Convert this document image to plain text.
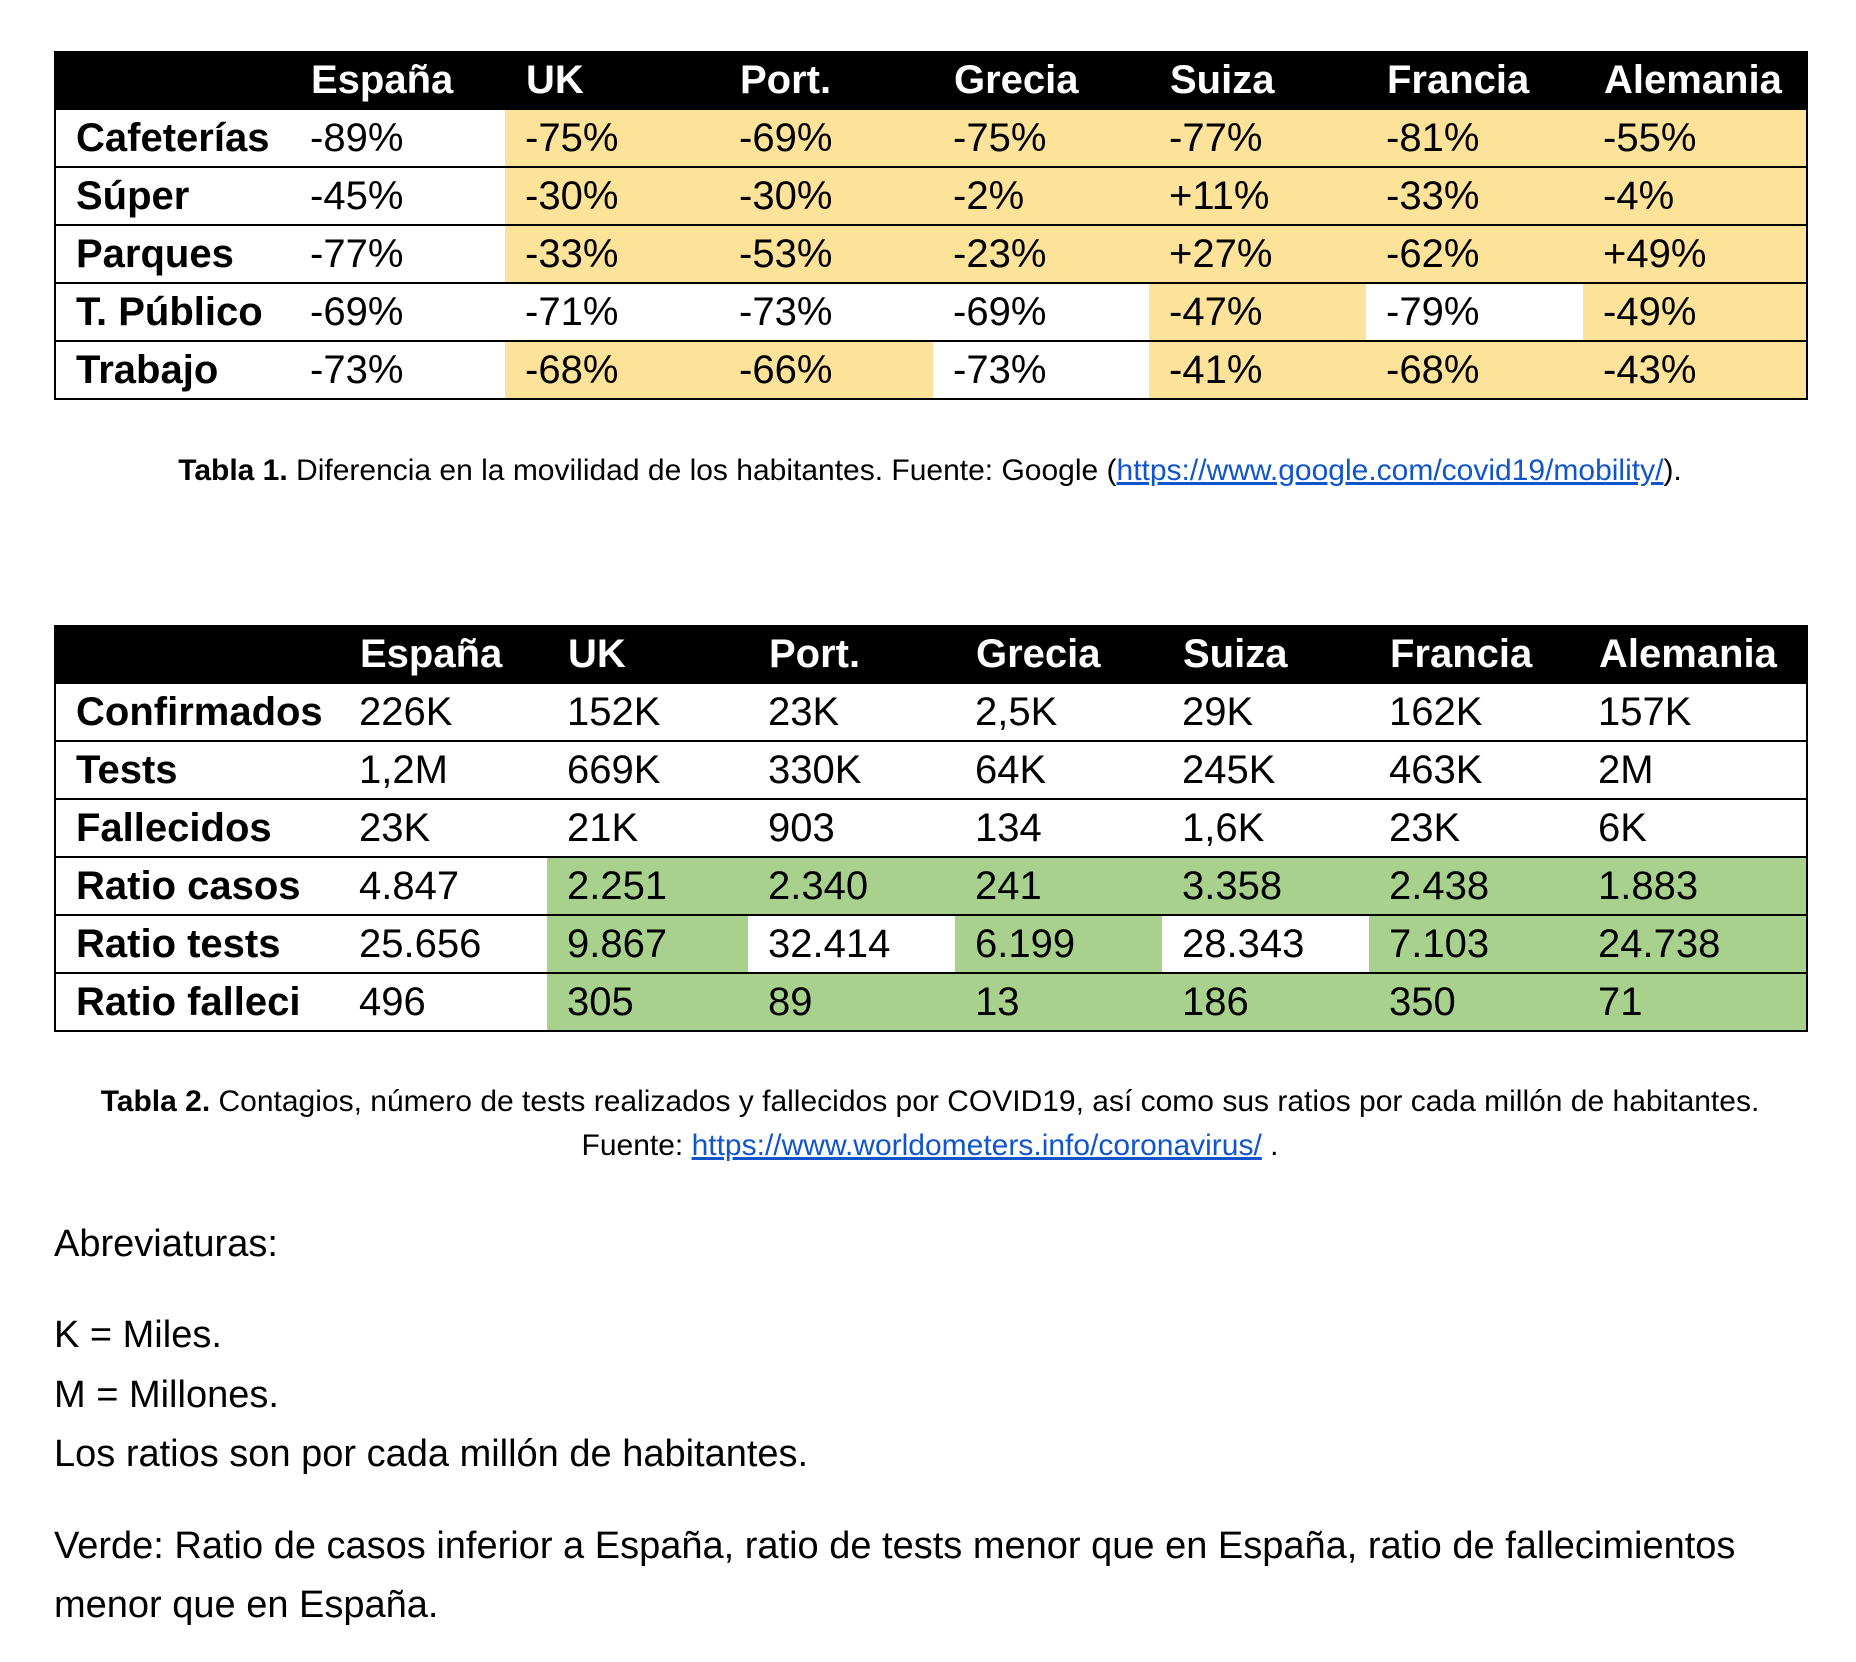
	España	UK	Port.	Grecia	Suiza	Francia	Alemania
Cafeterías	-89%	-75%	-69%	-75%	-77%	-81%	-55%
Súper	-45%	-30%	-30%	-2%	+11%	-33%	-4%
Parques	-77%	-33%	-53%	-23%	+27%	-62%	+49%
T. Público	-69%	-71%	-73%	-69%	-47%	-79%	-49%
Trabajo	-73%	-68%	-66%	-73%	-41%	-68%	-43%
Tabla 1. Diferencia en la movilidad de los habitantes. Fuente: Google (https://www.google.com/covid19/mobility/).
	España	UK	Port.	Grecia	Suiza	Francia	Alemania
Confirmados	226K	152K	23K	2,5K	29K	162K	157K
Tests	1,2M	669K	330K	64K	245K	463K	2M
Fallecidos	23K	21K	903	134	1,6K	23K	6K
Ratio casos	4.847	2.251	2.340	241	3.358	2.438	1.883
Ratio tests	25.656	9.867	32.414	6.199	28.343	7.103	24.738
Ratio falleci	496	305	89	13	186	350	71
Tabla 2. Contagios, número de tests realizados y fallecidos por COVID19, así como sus ratios por cada millón de habitantes. Fuente: https://www.worldometers.info/coronavirus/ .
Abreviaturas:
K = Miles.
M = Millones.
Los ratios son por cada millón de habitantes.
Verde: Ratio de casos inferior a España, ratio de tests menor que en España, ratio de fallecimientos menor que en España.
